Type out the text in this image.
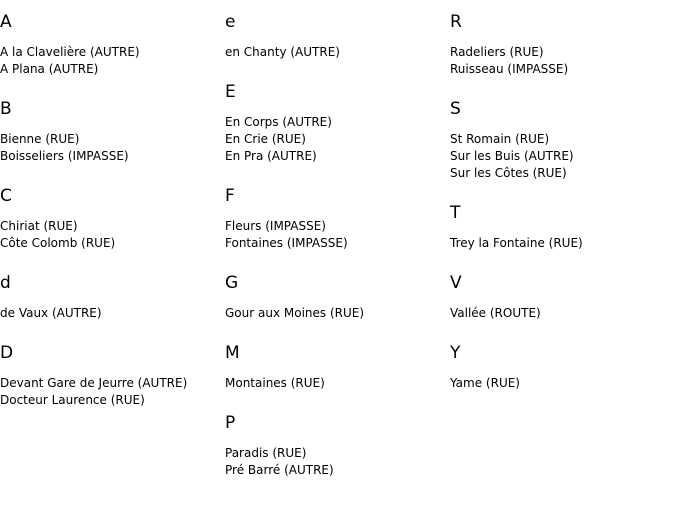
A
A la Clavelière (AUTRE)
A Plana (AUTRE)
B
Bienne (RUE)
Boisseliers (IMPASSE)
C
Chiriat (RUE)
Côte Colomb (RUE)
d
de Vaux (AUTRE)
D
Devant Gare de Jeurre (AUTRE)
Docteur Laurence (RUE)
e
en Chanty (AUTRE)
E
En Corps (AUTRE)
En Crie (RUE)
En Pra (AUTRE)
F
Fleurs (IMPASSE)
Fontaines (IMPASSE)
G
Gour aux Moines (RUE)
M
Montaines (RUE)
P
Paradis (RUE)
Pré Barré (AUTRE)
R
Radeliers (RUE)
Ruisseau (IMPASSE)
S
St Romain (RUE)
Sur les Buis (AUTRE)
Sur les Côtes (RUE)
T
Trey la Fontaine (RUE)
V
Vallée (ROUTE)
Y
Yame (RUE)
